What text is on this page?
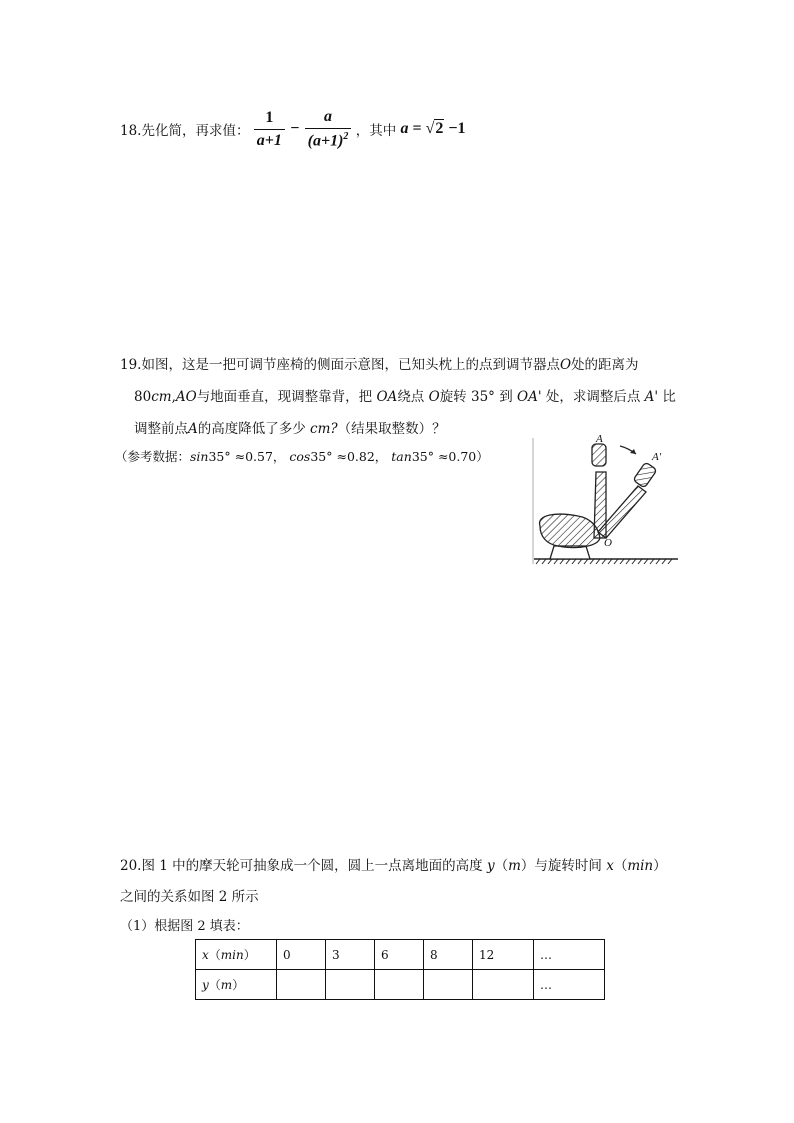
18.先化简，再求值： $\frac{1}{a+1} - \frac{a}{(a+1)^2}$ ，其中 a = √2 −1
19.如图，这是一把可调节座椅的侧面示意图，已知头枕上的点到调节器点O处的距离为
80cm,AO与地面垂直，现调整靠背，把 OA绕点 O旋转 35° 到 OA' 处，求调整后点 A' 比
调整前点A的高度降低了多少 cm?（结果取整数）？
（参考数据：sin35° ≈0.57， cos35° ≈0.82， tan35° ≈0.70）
A
A'
O
20.图 1 中的摩天轮可抽象成一个圆，圆上一点离地面的高度 y（m）与旋转时间 x（min）
之间的关系如图 2 所示
（1）根据图 2 填表：
x（min）	0	3	6	8	12	…
y（m）						…
